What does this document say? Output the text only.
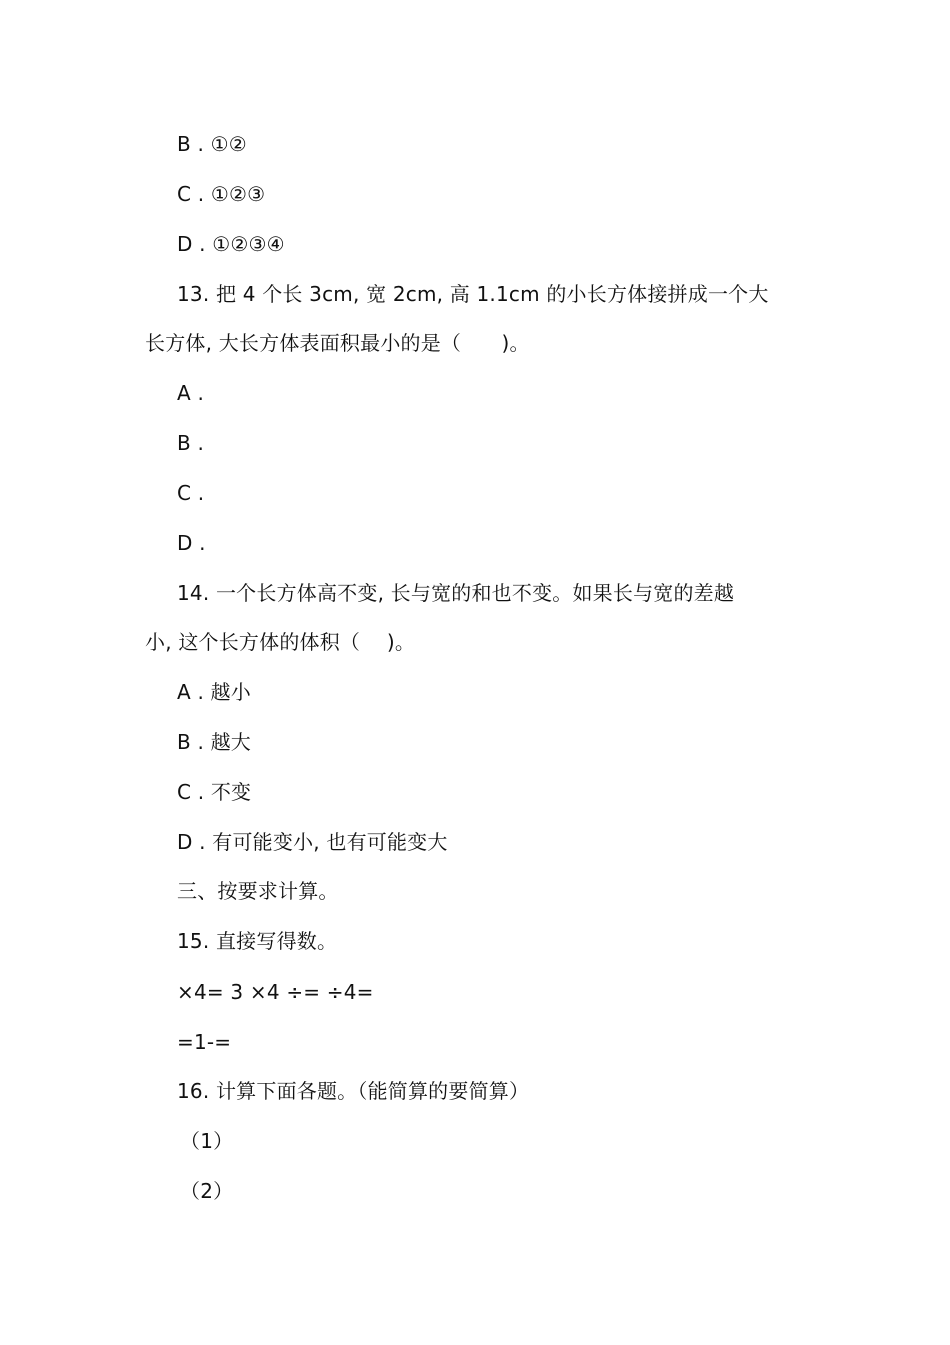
B . ①②
C . ①②③
D . ①②③④
13. 把 4 个长 3cm, 宽 2cm, 高 1.1cm 的小长方体接拼成一个大
长方体, 大长方体表面积最小的是（　　)。
A .
B .
C .
D .
14. 一个长方体高不变, 长与宽的和也不变。如果长与宽的差越
小, 这个长方体的体积（　 )。
A . 越小
B . 越大
C . 不变
D . 有可能变小, 也有可能变大
三、按要求计算。
15. 直接写得数。
×4= 3 ×4 ÷= ÷4=
=1-=
16. 计算下面各题。（能简算的要简算）
（1）
（2）
